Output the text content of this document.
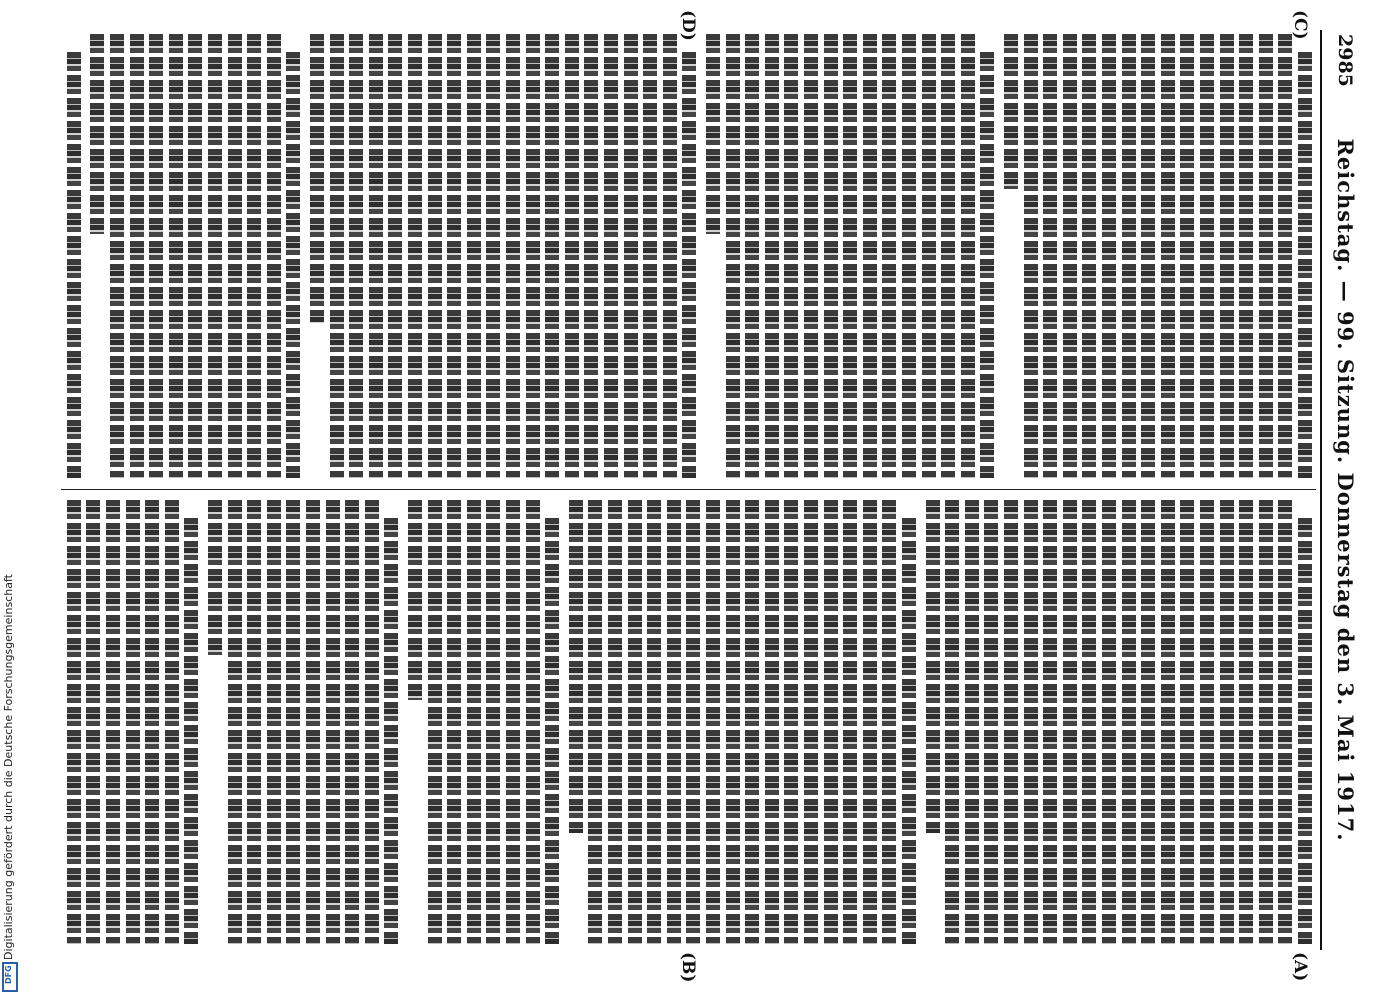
2985
Reichstag. — 99. Sitzung. Donnerstag den 3. Mai 1917.
(C)
(D)
(A)
(B)
Digitalisierung gefördert durch die Deutsche Forschungsgemeinschaft
DFG
